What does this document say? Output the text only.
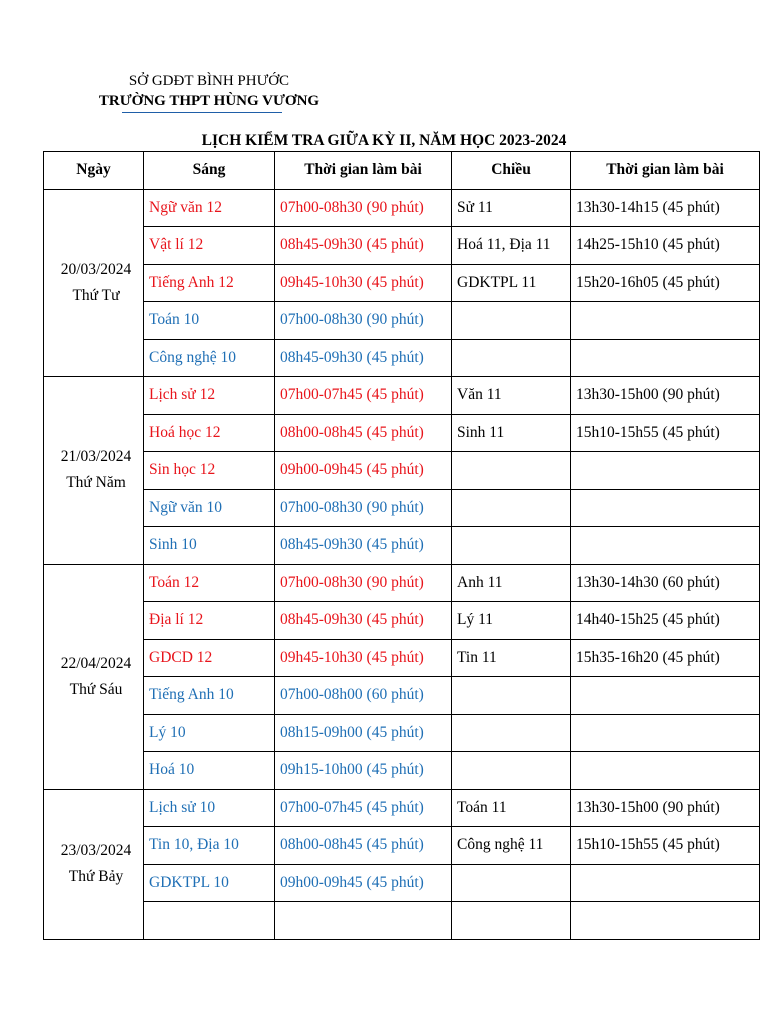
SỞ GDĐT BÌNH PHƯỚC
TRƯỜNG THPT HÙNG VƯƠNG
LỊCH KIỂM TRA GIỮA KỲ II, NĂM HỌC 2023-2024
Ngày	Sáng	Thời gian làm bài	Chiều	Thời gian làm bài

20/03/2024
Thứ Tư	Ngữ văn 12	07h00-08h30 (90 phút)	Sử 11	13h30-14h15 (45 phút)
	Vật lí 12	08h45-09h30 (45 phút)	Hoá 11, Địa 11	14h25-15h10 (45 phút)
	Tiếng Anh 12	09h45-10h30 (45 phút)	GDKTPL 11	15h20-16h05 (45 phút)
	Toán 10	07h00-08h30 (90 phút)		
	Công nghệ 10	08h45-09h30 (45 phút)		

21/03/2024
Thứ Năm	Lịch sử 12	07h00-07h45 (45 phút)	Văn 11	13h30-15h00 (90 phút)
	Hoá học 12	08h00-08h45 (45 phút)	Sinh 11	15h10-15h55 (45 phút)
	Sin học 12	09h00-09h45 (45 phút)		
	Ngữ văn 10	07h00-08h30 (90 phút)		
	Sinh 10	08h45-09h30 (45 phút)		

22/04/2024
Thứ Sáu	Toán 12	07h00-08h30 (90 phút)	Anh 11	13h30-14h30 (60 phút)
	Địa lí 12	08h45-09h30 (45 phút)	Lý 11	14h40-15h25 (45 phút)
	GDCD 12	09h45-10h30 (45 phút)	Tin 11	15h35-16h20 (45 phút)
	Tiếng Anh 10	07h00-08h00 (60 phút)		
	Lý 10	08h15-09h00 (45 phút)		
	Hoá 10	09h15-10h00 (45 phút)		

23/03/2024
Thứ Bảy	Lịch sử 10	07h00-07h45 (45 phút)	Toán 11	13h30-15h00 (90 phút)
	Tin 10, Địa 10	08h00-08h45 (45 phút)	Công nghệ 11	15h10-15h55 (45 phút)
	GDKTPL 10	09h00-09h45 (45 phút)		
